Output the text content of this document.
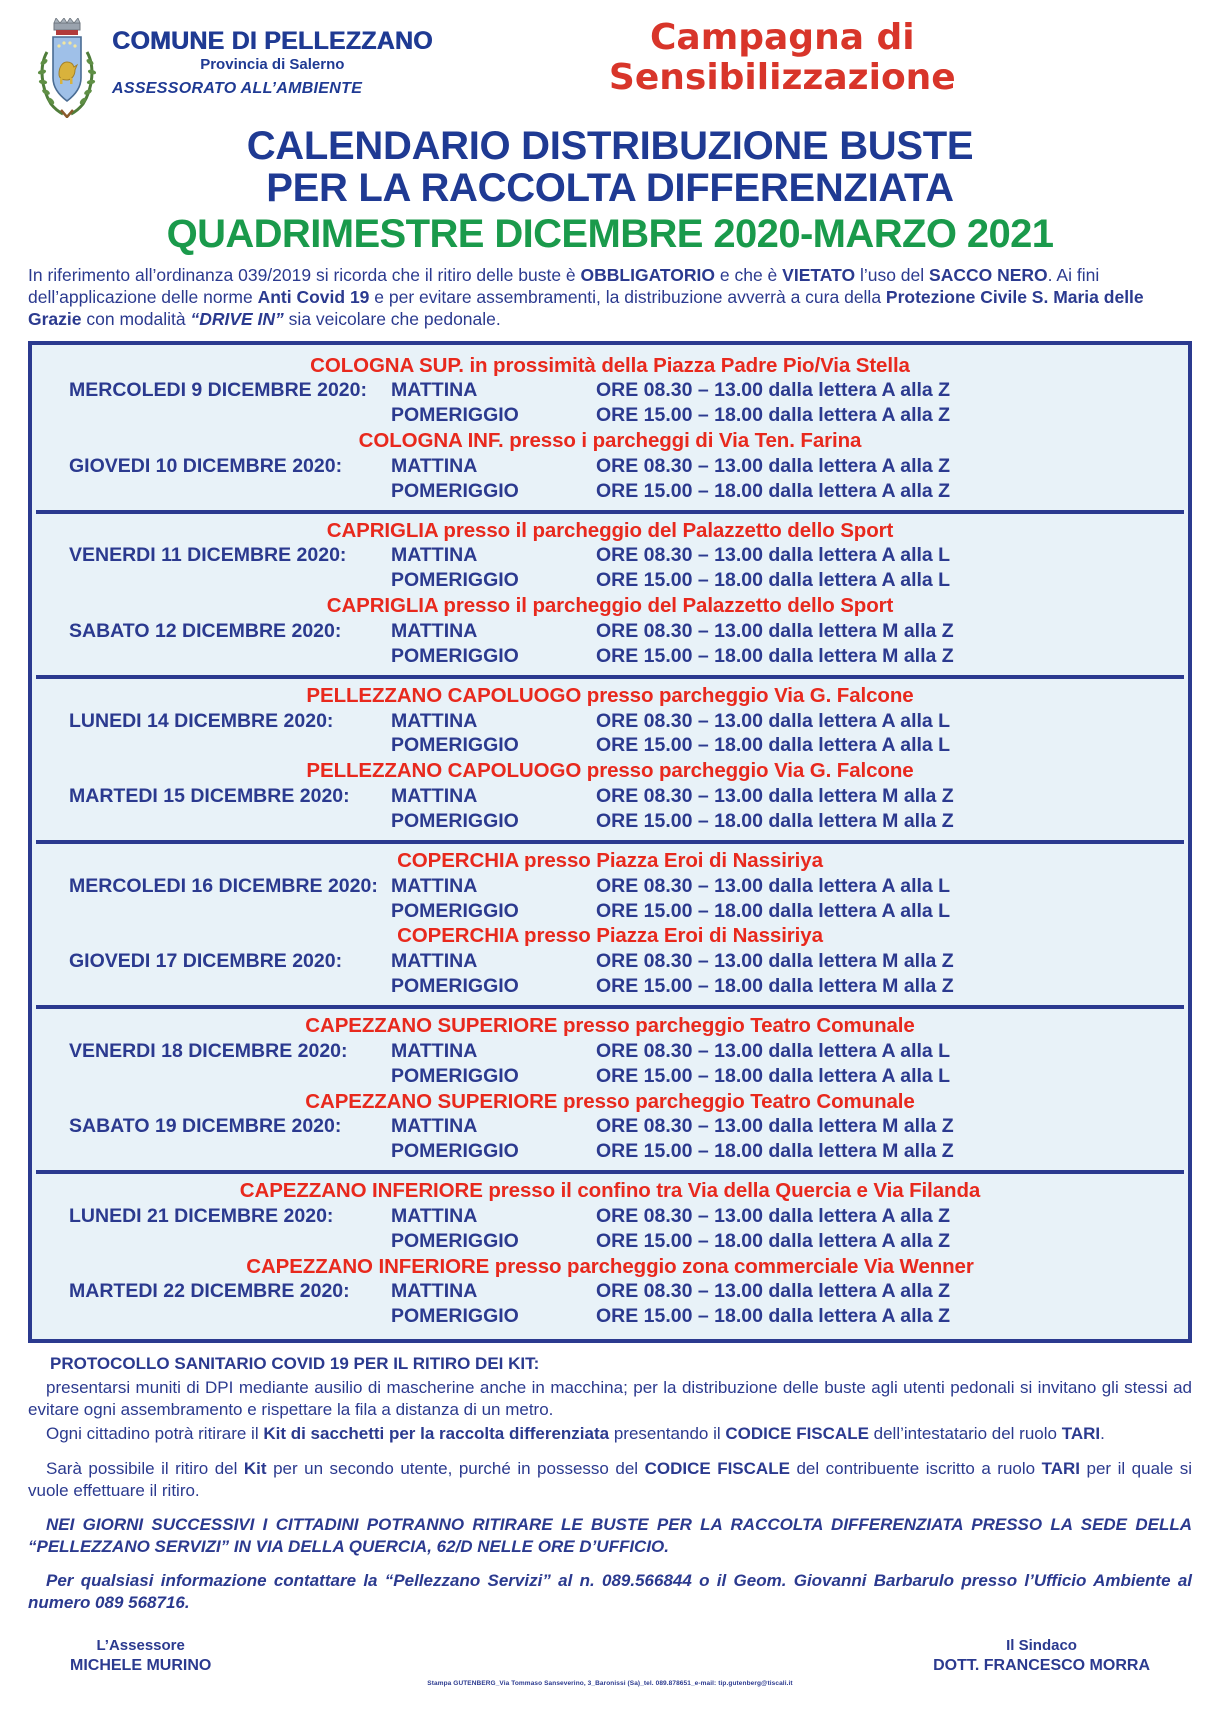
COMUNE DI PELLEZZANO
Provincia di Salerno
ASSESSORATO ALL’AMBIENTE
Campagna di
Sensibilizzazione
CALENDARIO DISTRIBUZIONE BUSTE
PER LA RACCOLTA DIFFERENZIATA
QUADRIMESTRE DICEMBRE 2020-MARZO 2021
In riferimento all’ordinanza 039/2019 si ricorda che il ritiro delle buste è OBBLIGATORIO e che è VIETATO l’uso del SACCO NERO. Ai fini dell’applicazione delle norme Anti Covid 19 e per evitare assembramenti, la distribuzione avverrà a cura della Protezione Civile S. Maria delle Grazie con modalità “DRIVE IN” sia veicolare che pedonale.
COLOGNA SUP. in prossimità della Piazza Padre Pio/Via Stella
MERCOLEDI 9 DICEMBRE 2020:	MATTINA	ORE 08.30 – 13.00 dalla lettera A alla Z
POMERIGGIO	ORE 15.00 – 18.00 dalla lettera A alla Z
COLOGNA INF. presso i parcheggi di Via Ten. Farina
GIOVEDI 10 DICEMBRE 2020:	MATTINA	ORE 08.30 – 13.00 dalla lettera A alla Z
POMERIGGIO	ORE 15.00 – 18.00 dalla lettera A alla Z
CAPRIGLIA presso il parcheggio del Palazzetto dello Sport
VENERDI 11 DICEMBRE 2020:	MATTINA	ORE 08.30 – 13.00 dalla lettera A alla L
POMERIGGIO	ORE 15.00 – 18.00 dalla lettera A alla L
CAPRIGLIA presso il parcheggio del Palazzetto dello Sport
SABATO 12 DICEMBRE 2020:	MATTINA	ORE 08.30 – 13.00 dalla lettera M alla Z
POMERIGGIO	ORE 15.00 – 18.00 dalla lettera M alla Z
PELLEZZANO CAPOLUOGO presso parcheggio Via G. Falcone
LUNEDI 14 DICEMBRE 2020:	MATTINA	ORE 08.30 – 13.00 dalla lettera A alla L
POMERIGGIO	ORE 15.00 – 18.00 dalla lettera A alla L
PELLEZZANO CAPOLUOGO presso parcheggio Via G. Falcone
MARTEDI 15 DICEMBRE 2020:	MATTINA	ORE 08.30 – 13.00 dalla lettera M alla Z
POMERIGGIO	ORE 15.00 – 18.00 dalla lettera M alla Z
COPERCHIA presso Piazza Eroi di Nassiriya
MERCOLEDI 16 DICEMBRE 2020: MATTINA	ORE 08.30 – 13.00 dalla lettera A alla L
POMERIGGIO	ORE 15.00 – 18.00 dalla lettera A alla L
COPERCHIA presso Piazza Eroi di Nassiriya
GIOVEDI 17 DICEMBRE 2020:	MATTINA	ORE 08.30 – 13.00 dalla lettera M alla Z
POMERIGGIO	ORE 15.00 – 18.00 dalla lettera M alla Z
CAPEZZANO SUPERIORE presso parcheggio Teatro Comunale
VENERDI 18 DICEMBRE 2020:	MATTINA	ORE 08.30 – 13.00 dalla lettera A alla L
POMERIGGIO	ORE 15.00 – 18.00 dalla lettera A alla L
CAPEZZANO SUPERIORE presso parcheggio Teatro Comunale
SABATO 19 DICEMBRE 2020:	MATTINA	ORE 08.30 – 13.00 dalla lettera M alla Z
POMERIGGIO	ORE 15.00 – 18.00 dalla lettera M alla Z
CAPEZZANO INFERIORE presso il confino tra Via della Quercia e Via Filanda
LUNEDI 21 DICEMBRE 2020:	MATTINA	ORE 08.30 – 13.00 dalla lettera A alla Z
POMERIGGIO	ORE 15.00 – 18.00 dalla lettera A alla Z
CAPEZZANO INFERIORE presso parcheggio zona commerciale Via Wenner
MARTEDI 22 DICEMBRE 2020:	MATTINA	ORE 08.30 – 13.00 dalla lettera A alla Z
POMERIGGIO	ORE 15.00 – 18.00 dalla lettera A alla Z

PROTOCOLLO SANITARIO COVID 19 PER IL RITIRO DEI KIT:

presentarsi muniti di DPI mediante ausilio di mascherine anche in macchina; per la distribuzione delle buste agli utenti pedonali si invitano gli stessi ad evitare ogni assembramento e rispettare la fila a distanza di un metro.

Ogni cittadino potrà ritirare il Kit di sacchetti per la raccolta differenziata presentando il CODICE FISCALE dell’intestatario del ruolo TARI.

Sarà possibile il ritiro del Kit per un secondo utente, purché in possesso del CODICE FISCALE del contribuente iscritto a ruolo TARI per il quale si vuole effettuare il ritiro.

NEI GIORNI SUCCESSIVI I CITTADINI POTRANNO RITIRARE LE BUSTE PER LA RACCOLTA DIFFERENZIATA PRESSO LA SEDE DELLA “PELLEZZANO SERVIZI” IN VIA DELLA QUERCIA, 62/D NELLE ORE D’UFFICIO.

Per qualsiasi informazione contattare la “Pellezzano Servizi” al n. 089.566844 o il Geom. Giovanni Barbarulo presso l’Ufficio Ambiente al numero 089 568716.

L’Assessore
MICHELE MURINO
Il Sindaco
DOTT. FRANCESCO MORRA
Stampa GUTENBERG_Via Tommaso Sanseverino, 3_Baronissi (Sa)_tel. 089.878651_e-mail: tip.gutenberg@tiscali.it
